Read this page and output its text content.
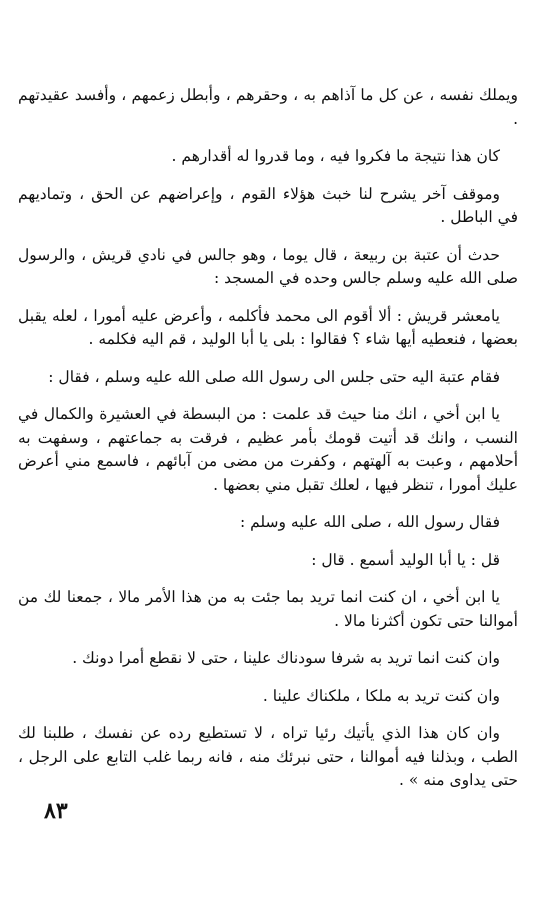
ويملك نفسه ، عن كل ما آذاهم به ، وحقرهم ، وأبطل زعمهم ، وأفسد عقيدتهم .

كان هذا نتيجة ما فكروا فيه ، وما قدروا له أقدارهم .

وموقف آخر يشرح لنا خبث هؤلاء القوم ، وإعراضهم عن الحق ، وتماديهم في الباطل .

حدث أن عتبة بن ربيعة ، قال يوما ، وهو جالس في نادي قريش ، والرسول صلى الله عليه وسلم جالس وحده في المسجد :

يامعشر قريش : ألا أقوم الى محمد فأكلمه ، وأعرض عليه أمورا ، لعله يقبل بعضها ، فنعطيه أيها شاء ؟ فقالوا : بلى يا أبا الوليد ، قم اليه فكلمه .

فقام عتبة اليه حتى جلس الى رسول الله صلى الله عليه وسلم ، فقال :

يا ابن أخي ، انك منا حيث قد علمت : من البسطة في العشيرة والكمال في النسب ، وانك قد أتيت قومك بأمر عظيم ، فرقت به جماعتهم ، وسفهت به أحلامهم ، وعبت به آلهتهم ، وكفرت من مضى من آبائهم ، فاسمع مني أعرض عليك أمورا ، تنظر فيها ، لعلك تقبل مني بعضها .

فقال رسول الله ، صلى الله عليه وسلم :

قل : يا أبا الوليد أسمع . قال :

يا ابن أخي ، ان كنت انما تريد بما جئت به من هذا الأمر مالا ، جمعنا لك من أموالنا حتى تكون أكثرنا مالا .

وان كنت انما تريد به شرفا سودناك علينا ، حتى لا نقطع أمرا دونك .

وان كنت تريد به ملكا ، ملكناك علينا .

وان كان هذا الذي يأتيك رئيا تراه ، لا تستطيع رده عن نفسك ، طلبنا لك الطب ، وبذلنا فيه أموالنا ، حتى نبرئك منه ، فانه ربما غلب التابع على الرجل ، حتى يداوى منه » .

٨٣
